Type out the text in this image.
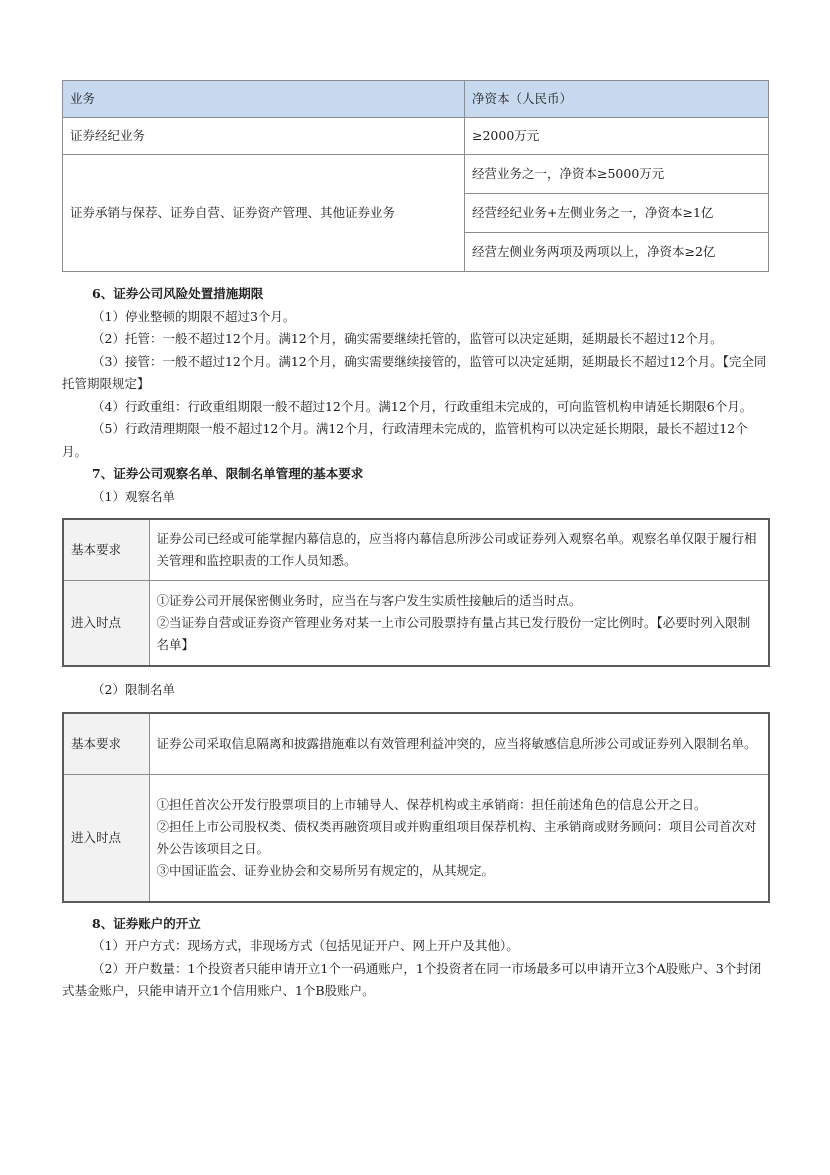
业务	净资本（人民币）
证券经纪业务	≥2000万元
证券承销与保荐、证券自营、证券资产管理、其他证券业务	经营业务之一，净资本≥5000万元
	经营经纪业务+左侧业务之一，净资本≥1亿
	经营左侧业务两项及两项以上，净资本≥2亿

6、证券公司风险处置措施期限

（1）停业整顿的期限不超过3个月。

（2）托管：一般不超过12个月。满12个月，确实需要继续托管的，监管可以决定延期，延期最长不超过12个月。

（3）接管：一般不超过12个月。满12个月，确实需要继续接管的，监管可以决定延期，延期最长不超过12个月。【完全同托管期限规定】

（4）行政重组：行政重组期限一般不超过12个月。满12个月，行政重组未完成的，可向监管机构申请延长期限6个月。

（5）行政清理期限一般不超过12个月。满12个月，行政清理未完成的，监管机构可以决定延长期限，最长不超过12个月。

7、证券公司观察名单、限制名单管理的基本要求

（1）观察名单

基本要求	证券公司已经或可能掌握内幕信息的，应当将内幕信息所涉公司或证券列入观察名单。观察名单仅限于履行相关管理和监控职责的工作人员知悉。
进入时点	①证券公司开展保密侧业务时，应当在与客户发生实质性接触后的适当时点。
②当证券自营或证券资产管理业务对某一上市公司股票持有量占其已发行股份一定比例时。【必要时列入限制名单】

（2）限制名单

基本要求	证券公司采取信息隔离和披露措施难以有效管理利益冲突的，应当将敏感信息所涉公司或证券列入限制名单。
进入时点	①担任首次公开发行股票项目的上市辅导人、保荐机构或主承销商：担任前述角色的信息公开之日。
②担任上市公司股权类、债权类再融资项目或并购重组项目保荐机构、主承销商或财务顾问：项目公司首次对外公告该项目之日。
③中国证监会、证券业协会和交易所另有规定的，从其规定。

8、证券账户的开立

（1）开户方式：现场方式，非现场方式（包括见证开户、网上开户及其他）。

（2）开户数量：1个投资者只能申请开立1个一码通账户，1个投资者在同一市场最多可以申请开立3个A股账户、3个封闭式基金账户，只能申请开立1个信用账户、1个B股账户。
